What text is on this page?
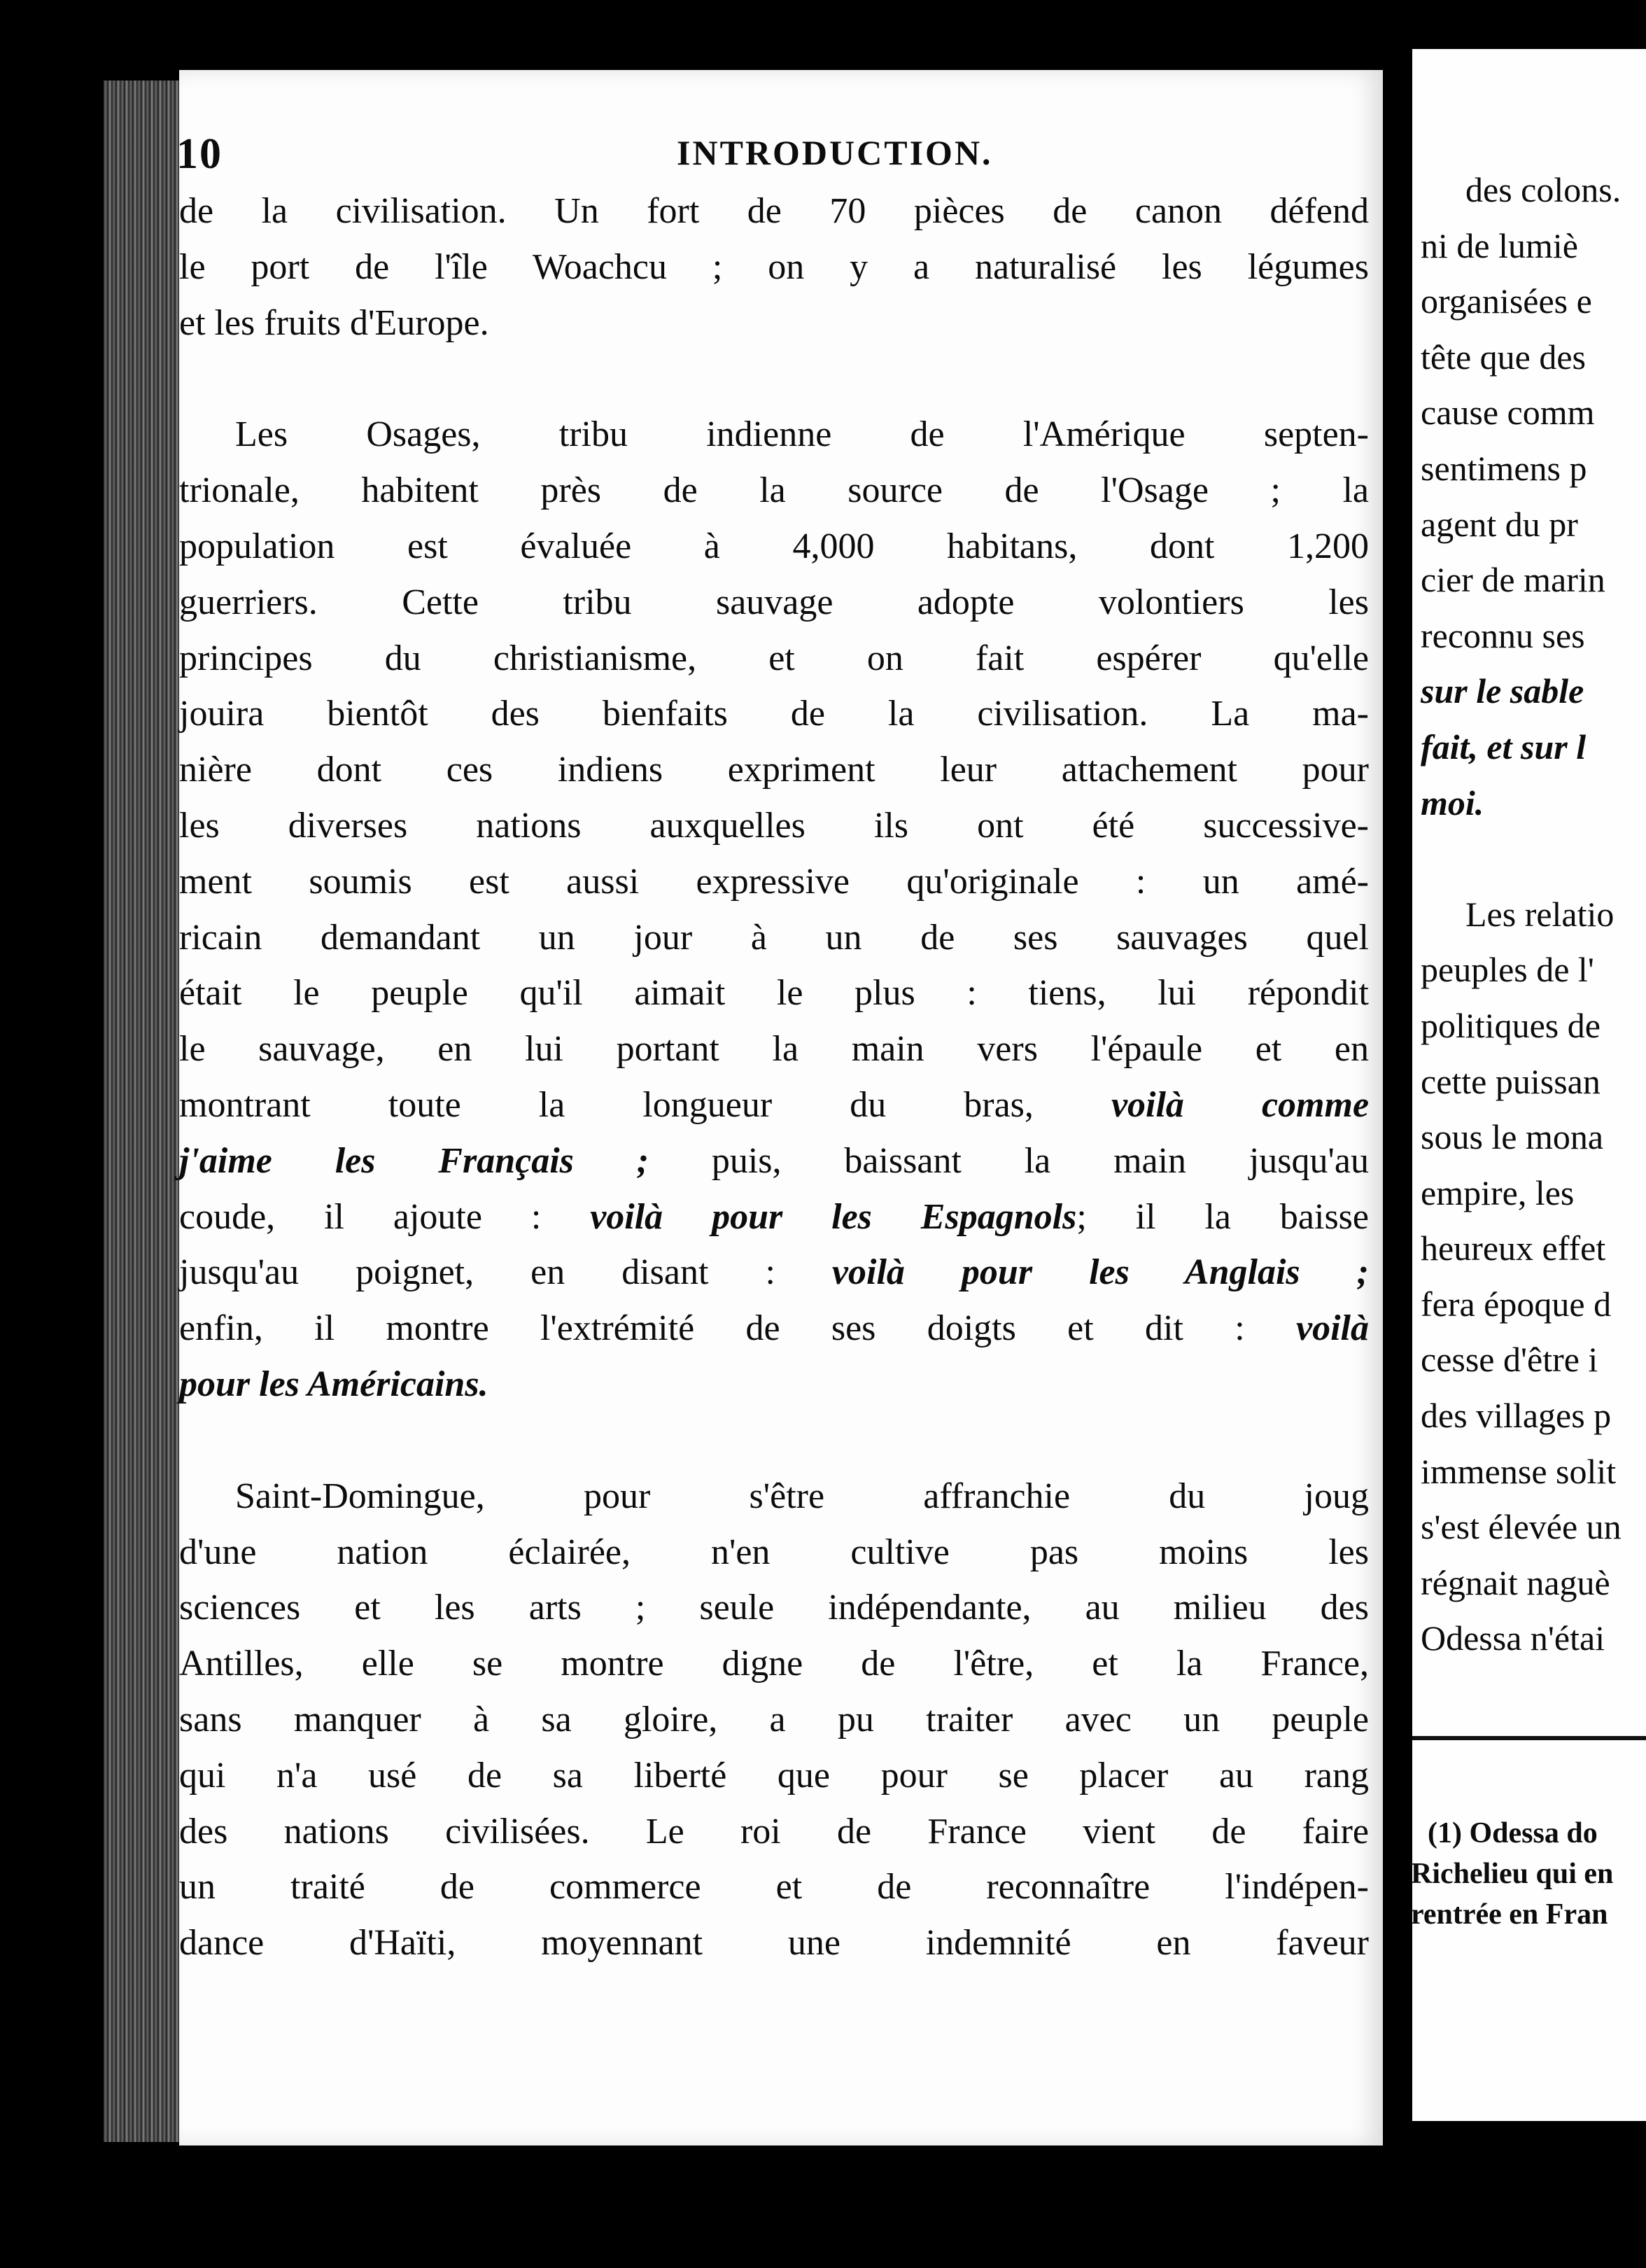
10	INTRODUCTION.
de la civilisation. Un fort de 70 pièces de canon défend
le port de l'île Woachcu ; on y a naturalisé les légumes
et les fruits d'Europe.
Les Osages, tribu indienne de l'Amérique septen-
trionale, habitent près de la source de l'Osage ; la
population est évaluée à 4,000 habitans, dont 1,200
guerriers. Cette tribu sauvage adopte volontiers les
principes du christianisme, et on fait espérer qu'elle
jouira bientôt des bienfaits de la civilisation. La ma-
nière dont ces indiens expriment leur attachement pour
les diverses nations auxquelles ils ont été successive-
ment soumis est aussi expressive qu'originale : un amé-
ricain demandant un jour à un de ses sauvages quel
était le peuple qu'il aimait le plus : tiens, lui répondit
le sauvage, en lui portant la main vers l'épaule et en
montrant toute la longueur du bras, voilà comme
j'aime les Français ; puis, baissant la main jusqu'au
coude, il ajoute : voilà pour les Espagnols; il la baisse
jusqu'au poignet, en disant : voilà pour les Anglais ;
enfin, il montre l'extrémité de ses doigts et dit : voilà
pour les Américains.
Saint-Domingue, pour s'être affranchie du joug
d'une nation éclairée, n'en cultive pas moins les
sciences et les arts ; seule indépendante, au milieu des
Antilles, elle se montre digne de l'être, et la France,
sans manquer à sa gloire, a pu traiter avec un peuple
qui n'a usé de sa liberté que pour se placer au rang
des nations civilisées. Le roi de France vient de faire
un traité de commerce et de reconnaître l'indépen-
dance d'Haïti, moyennant une indemnité en faveur
des colons.
ni de lumiè
organisées e
tête que des
cause comm
sentimens p
agent du pr
cier de marin
reconnu ses
sur le sable
fait, et sur l
moi.
Les relatio
peuples de l'
politiques de
cette puissan
sous le mona
empire, les
heureux effet
fera époque d
cesse d'être i
des villages p
immense solit
s'est élevée un
régnait naguè
Odessa n'étai
(1) Odessa do
Richelieu qui en
rentrée en Fran
